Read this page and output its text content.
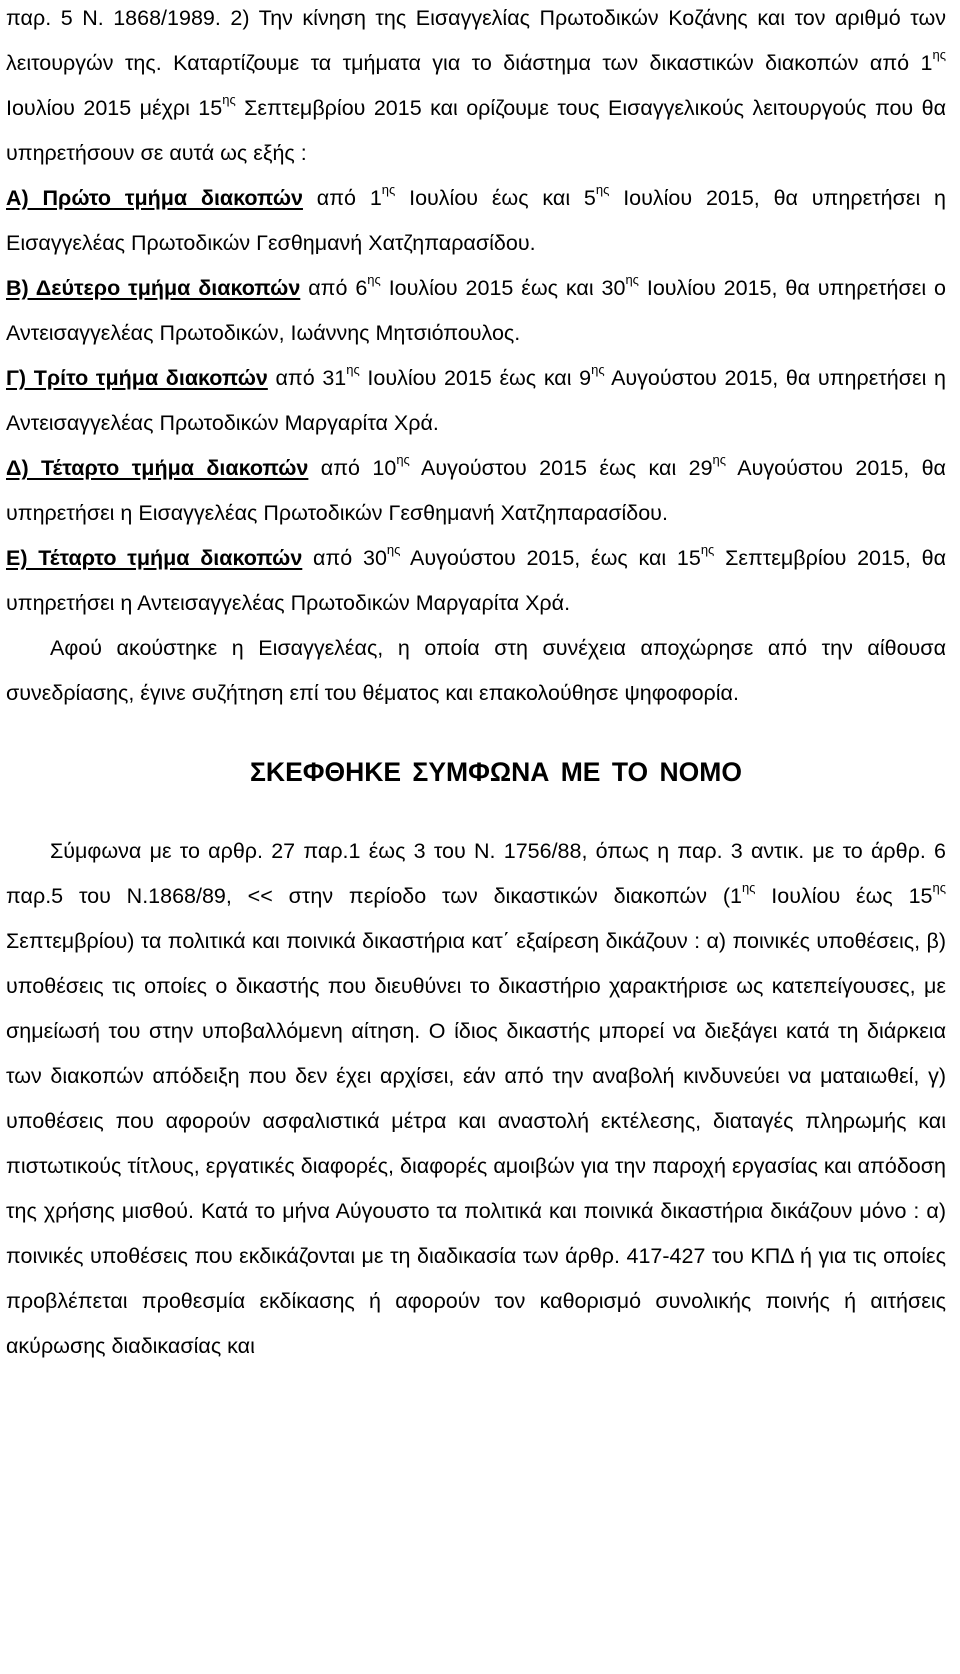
παρ. 5 Ν. 1868/1989. 2) Την κίνηση της Εισαγγελίας Πρωτοδικών Κοζάνης και τον αριθμό των λειτουργών της. Καταρτίζουμε τα τμήματα για το διάστημα των δικαστικών διακοπών από $1^{\eta\varsigma}$ Ιουλίου 2015 μέχρι $15^{\eta\varsigma}$ Σεπτεμβρίου 2015 και ορίζουμε τους Εισαγγελικούς λειτουργούς που θα υπηρετήσουν σε αυτά ως εξής :

Α) Πρώτο τμήμα διακοπών από $1^{\eta\varsigma}$ Ιουλίου έως και $5^{\eta\varsigma}$ Ιουλίου 2015, θα υπηρετήσει η Εισαγγελέας Πρωτοδικών Γεσθημανή Χατζηπαρασίδου.

Β) Δεύτερο τμήμα διακοπών από $6^{\eta\varsigma}$ Ιουλίου 2015 έως και $30^{\eta\varsigma}$ Ιουλίου 2015, θα υπηρετήσει ο Αντεισαγγελέας Πρωτοδικών, Ιωάννης Μητσιόπουλος.

Γ) Τρίτο τμήμα διακοπών από $31^{\eta\varsigma}$ Ιουλίου 2015 έως και $9^{\eta\varsigma}$ Αυγούστου 2015, θα υπηρετήσει η Αντεισαγγελέας Πρωτοδικών Μαργαρίτα Χρά.

Δ) Τέταρτο τμήμα διακοπών από $10^{\eta\varsigma}$ Αυγούστου 2015 έως και $29^{\eta\varsigma}$ Αυγούστου 2015, θα υπηρετήσει η Εισαγγελέας Πρωτοδικών Γεσθημανή Χατζηπαρασίδου.

Ε) Τέταρτο τμήμα διακοπών από $30^{\eta\varsigma}$ Αυγούστου 2015, έως και $15^{\eta\varsigma}$ Σεπτεμβρίου 2015, θα υπηρετήσει η Αντεισαγγελέας Πρωτοδικών Μαργαρίτα Χρά.

Αφού ακούστηκε η Εισαγγελέας, η οποία στη συνέχεια αποχώρησε από την αίθουσα συνεδρίασης, έγινε συζήτηση επί του θέματος και επακολούθησε ψηφοφορία.

ΣΚΕΦΘΗΚΕ ΣΥΜΦΩΝΑ ΜΕ ΤΟ ΝΟΜΟ

Σύμφωνα με το αρθρ. 27 παρ.1 έως 3 του Ν. 1756/88, όπως η παρ. 3 αντικ. με το άρθρ. 6 παρ.5 του Ν.1868/89, << στην περίοδο των δικαστικών διακοπών ($1^{\eta\varsigma}$ Ιουλίου έως $15^{\eta\varsigma}$ Σεπτεμβρίου) τα πολιτικά και ποινικά δικαστήρια κατ΄ εξαίρεση δικάζουν : α) ποινικές υποθέσεις, β) υποθέσεις τις οποίες ο δικαστής που διευθύνει το δικαστήριο χαρακτήρισε ως κατεπείγουσες, με σημείωσή του στην υποβαλλόμενη αίτηση. Ο ίδιος δικαστής μπορεί να διεξάγει κατά τη διάρκεια των διακοπών απόδειξη που δεν έχει αρχίσει, εάν από την αναβολή κινδυνεύει να ματαιωθεί, γ) υποθέσεις που αφορούν ασφαλιστικά μέτρα και αναστολή εκτέλεσης, διαταγές πληρωμής και πιστωτικούς τίτλους, εργατικές διαφορές, διαφορές αμοιβών για την παροχή εργασίας και απόδοση της χρήσης μισθού. Κατά το μήνα Αύγουστο τα πολιτικά και ποινικά δικαστήρια δικάζουν μόνο : α) ποινικές υποθέσεις που εκδικάζονται με τη διαδικασία των άρθρ. 417-427 του ΚΠΔ ή για τις οποίες προβλέπεται προθεσμία εκδίκασης ή αφορούν τον καθορισμό συνολικής ποινής ή αιτήσεις ακύρωσης διαδικασίας και
